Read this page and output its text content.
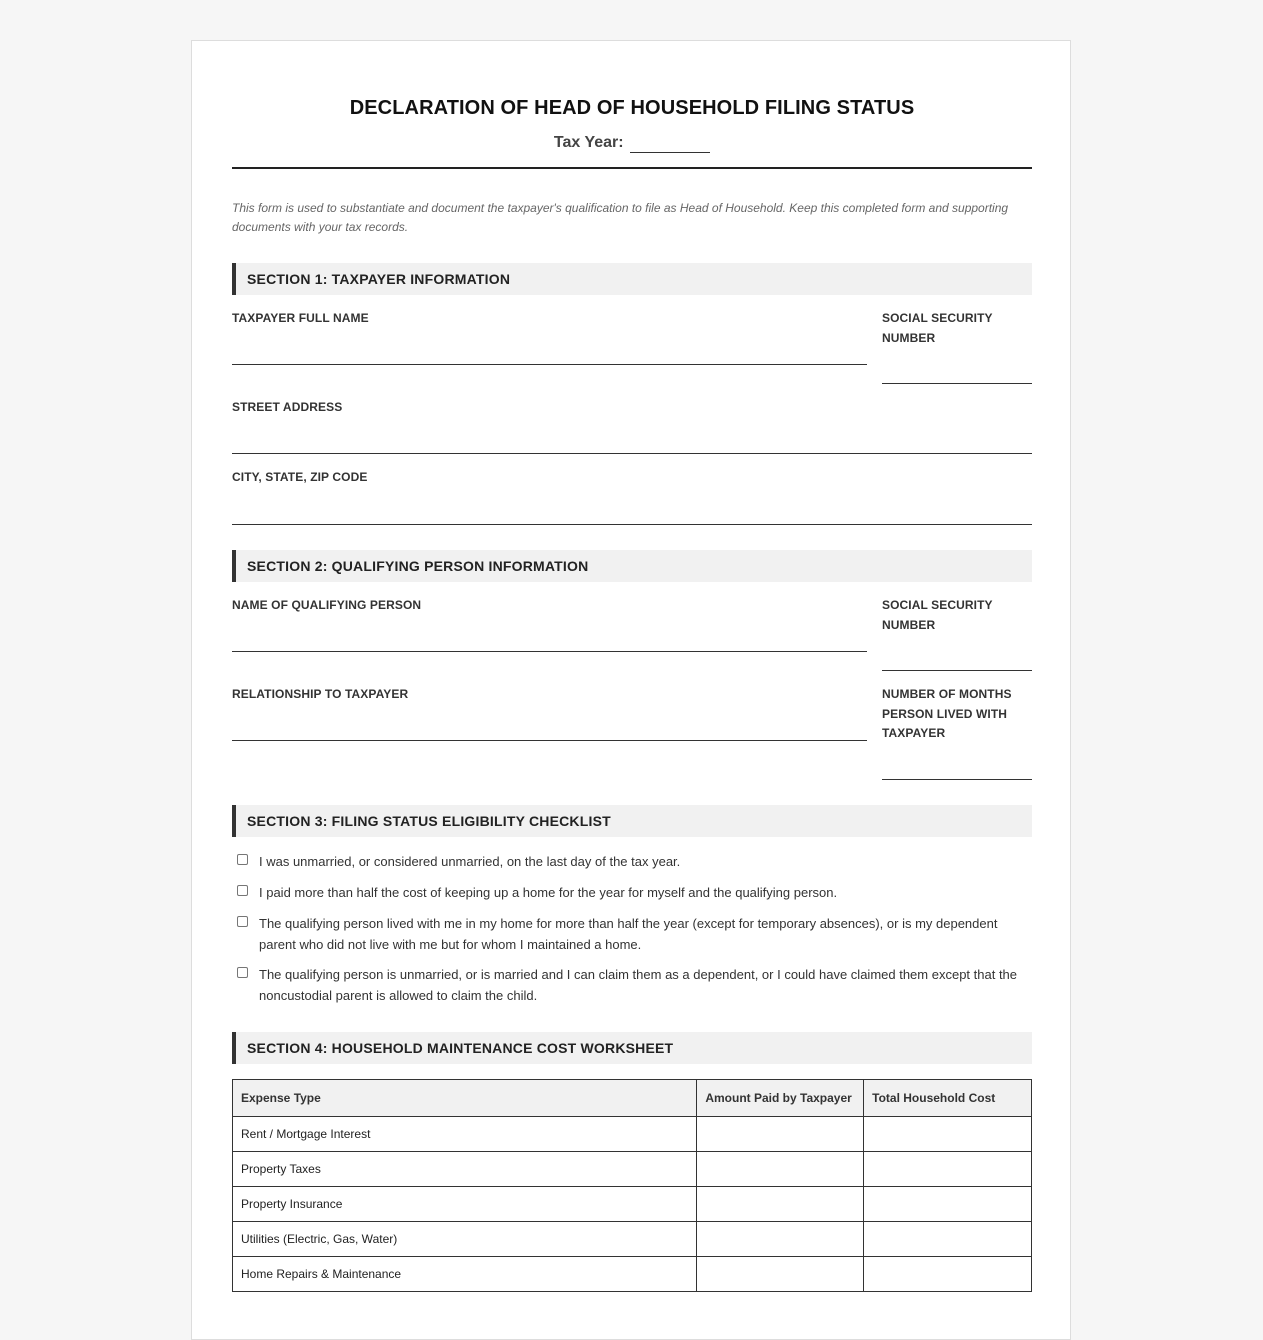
DECLARATION OF HEAD OF HOUSEHOLD FILING STATUS
Tax Year:
This form is used to substantiate and document the taxpayer's qualification to file as Head of Household. Keep this completed form and supporting documents with your tax records.
SECTION 1: TAXPAYER INFORMATION
TAXPAYER FULL NAME	SOCIAL SECURITY NUMBER
STREET ADDRESS
CITY, STATE, ZIP CODE
SECTION 2: QUALIFYING PERSON INFORMATION
NAME OF QUALIFYING PERSON	SOCIAL SECURITY NUMBER
RELATIONSHIP TO TAXPAYER	NUMBER OF MONTHS PERSON LIVED WITH TAXPAYER
SECTION 3: FILING STATUS ELIGIBILITY CHECKLIST
I was unmarried, or considered unmarried, on the last day of the tax year.
I paid more than half the cost of keeping up a home for the year for myself and the qualifying person.
The qualifying person lived with me in my home for more than half the year (except for temporary absences), or is my dependent parent who did not live with me but for whom I maintained a home.
The qualifying person is unmarried, or is married and I can claim them as a dependent, or I could have claimed them except that the noncustodial parent is allowed to claim the child.
SECTION 4: HOUSEHOLD MAINTENANCE COST WORKSHEET
Expense Type	Amount Paid by Taxpayer	Total Household Cost
Rent / Mortgage Interest		
Property Taxes		
Property Insurance		
Utilities (Electric, Gas, Water)		
Home Repairs & Maintenance		
